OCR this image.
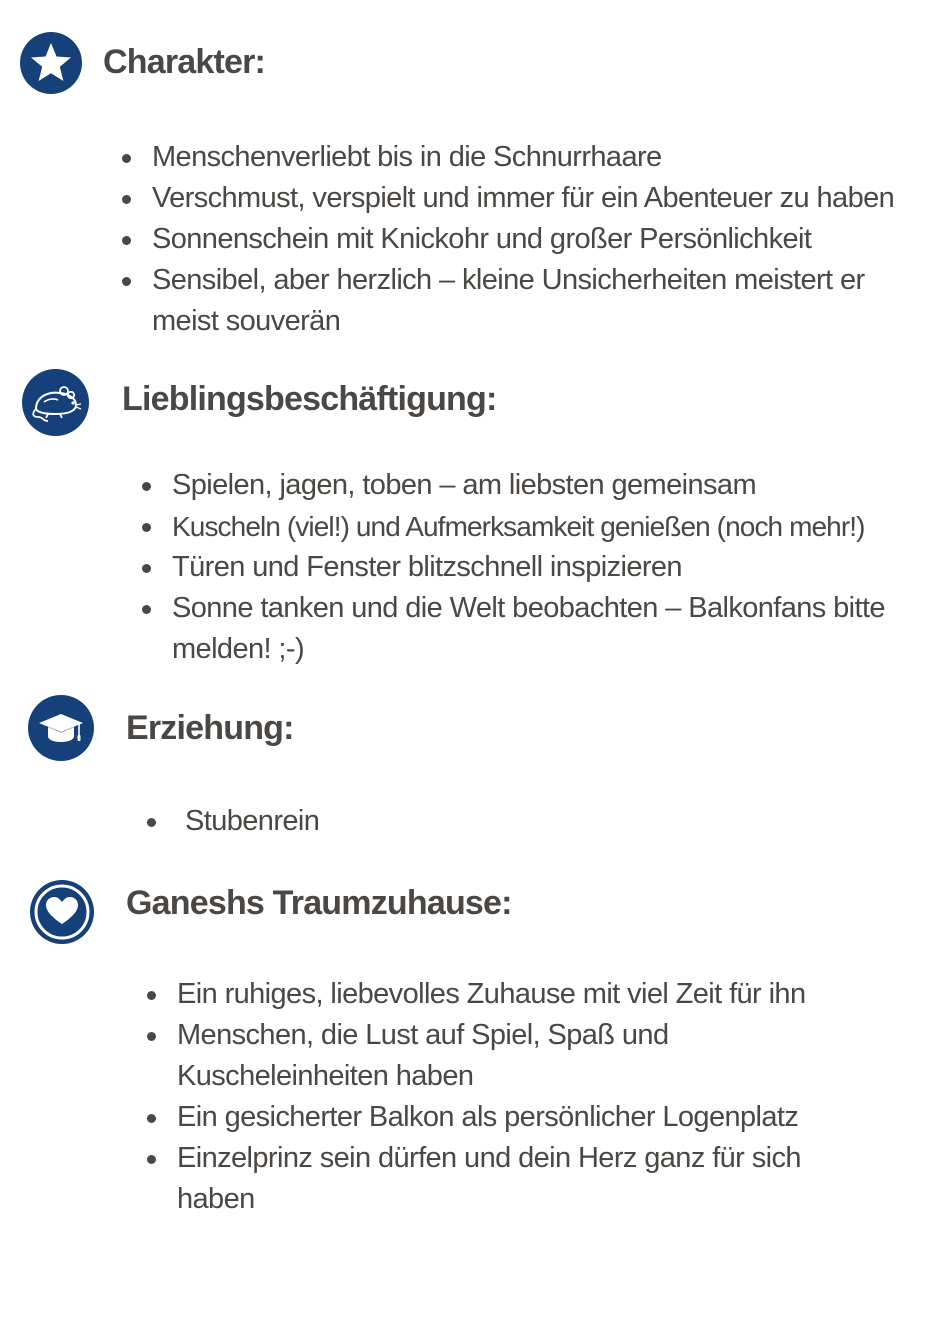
Charakter:
Menschenverliebt bis in die Schnurrhaare
Verschmust, verspielt und immer für ein Abenteuer zu haben
Sonnenschein mit Knickohr und großer Persönlichkeit
Sensibel, aber herzlich – kleine Unsicherheiten meistert er meist souverän
Lieblingsbeschäftigung:
Spielen, jagen, toben – am liebsten gemeinsam
Kuscheln (viel!) und Aufmerksamkeit genießen (noch mehr!)
Türen und Fenster blitzschnell inspizieren
Sonne tanken und die Welt beobachten – Balkonfans bitte melden! ;-)
Erziehung:
Stubenrein
Ganeshs Traumzuhause:
Ein ruhiges, liebevolles Zuhause mit viel Zeit für ihn
Menschen, die Lust auf Spiel, Spaß und Kuscheleinheiten haben
Ein gesicherter Balkon als persönlicher Logenplatz
Einzelprinz sein dürfen und dein Herz ganz für sich haben
